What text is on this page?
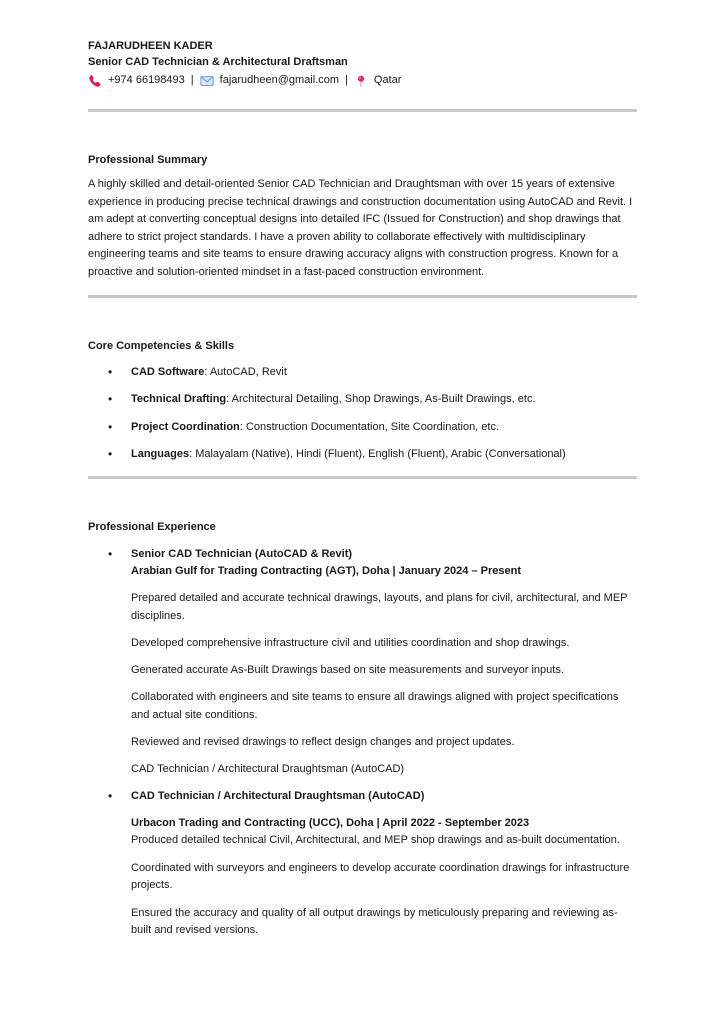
FAJARUDHEEN KADER
Senior CAD Technician & Architectural Draftsman
+974 66198493 | fajarudheen@gmail.com | Qatar
Professional Summary

A highly skilled and detail-oriented Senior CAD Technician and Draughtsman with over 15 years of extensive experience in producing precise technical drawings and construction documentation using AutoCAD and Revit. I am adept at converting conceptual designs into detailed IFC (Issued for Construction) and shop drawings that adhere to strict project standards. I have a proven ability to collaborate effectively with multidisciplinary engineering teams and site teams to ensure drawing accuracy aligns with construction progress. Known for a proactive and solution-oriented mindset in a fast-paced construction environment.

Core Competencies & Skills
• CAD Software: AutoCAD, Revit
• Technical Drafting: Architectural Detailing, Shop Drawings, As-Built Drawings, etc.
• Project Coordination: Construction Documentation, Site Coordination, etc.
• Languages: Malayalam (Native), Hindi (Fluent), English (Fluent), Arabic (Conversational)
Professional Experience
• Senior CAD Technician (AutoCAD & Revit)
Arabian Gulf for Trading Contracting (AGT), Doha | January 2024 – Present

Prepared detailed and accurate technical drawings, layouts, and plans for civil, architectural, and MEP disciplines.

Developed comprehensive infrastructure civil and utilities coordination and shop drawings.

Generated accurate As-Built Drawings based on site measurements and surveyor inputs.

Collaborated with engineers and site teams to ensure all drawings aligned with project specifications and actual site conditions.

Reviewed and revised drawings to reflect design changes and project updates.

CAD Technician / Architectural Draughtsman (AutoCAD)

• CAD Technician / Architectural Draughtsman (AutoCAD)
Urbacon Trading and Contracting (UCC), Doha | April 2022 - September 2023

Produced detailed technical Civil, Architectural, and MEP shop drawings and as-built documentation.

Coordinated with surveyors and engineers to develop accurate coordination drawings for infrastructure projects.

Ensured the accuracy and quality of all output drawings by meticulously preparing and reviewing as-built and revised versions.
